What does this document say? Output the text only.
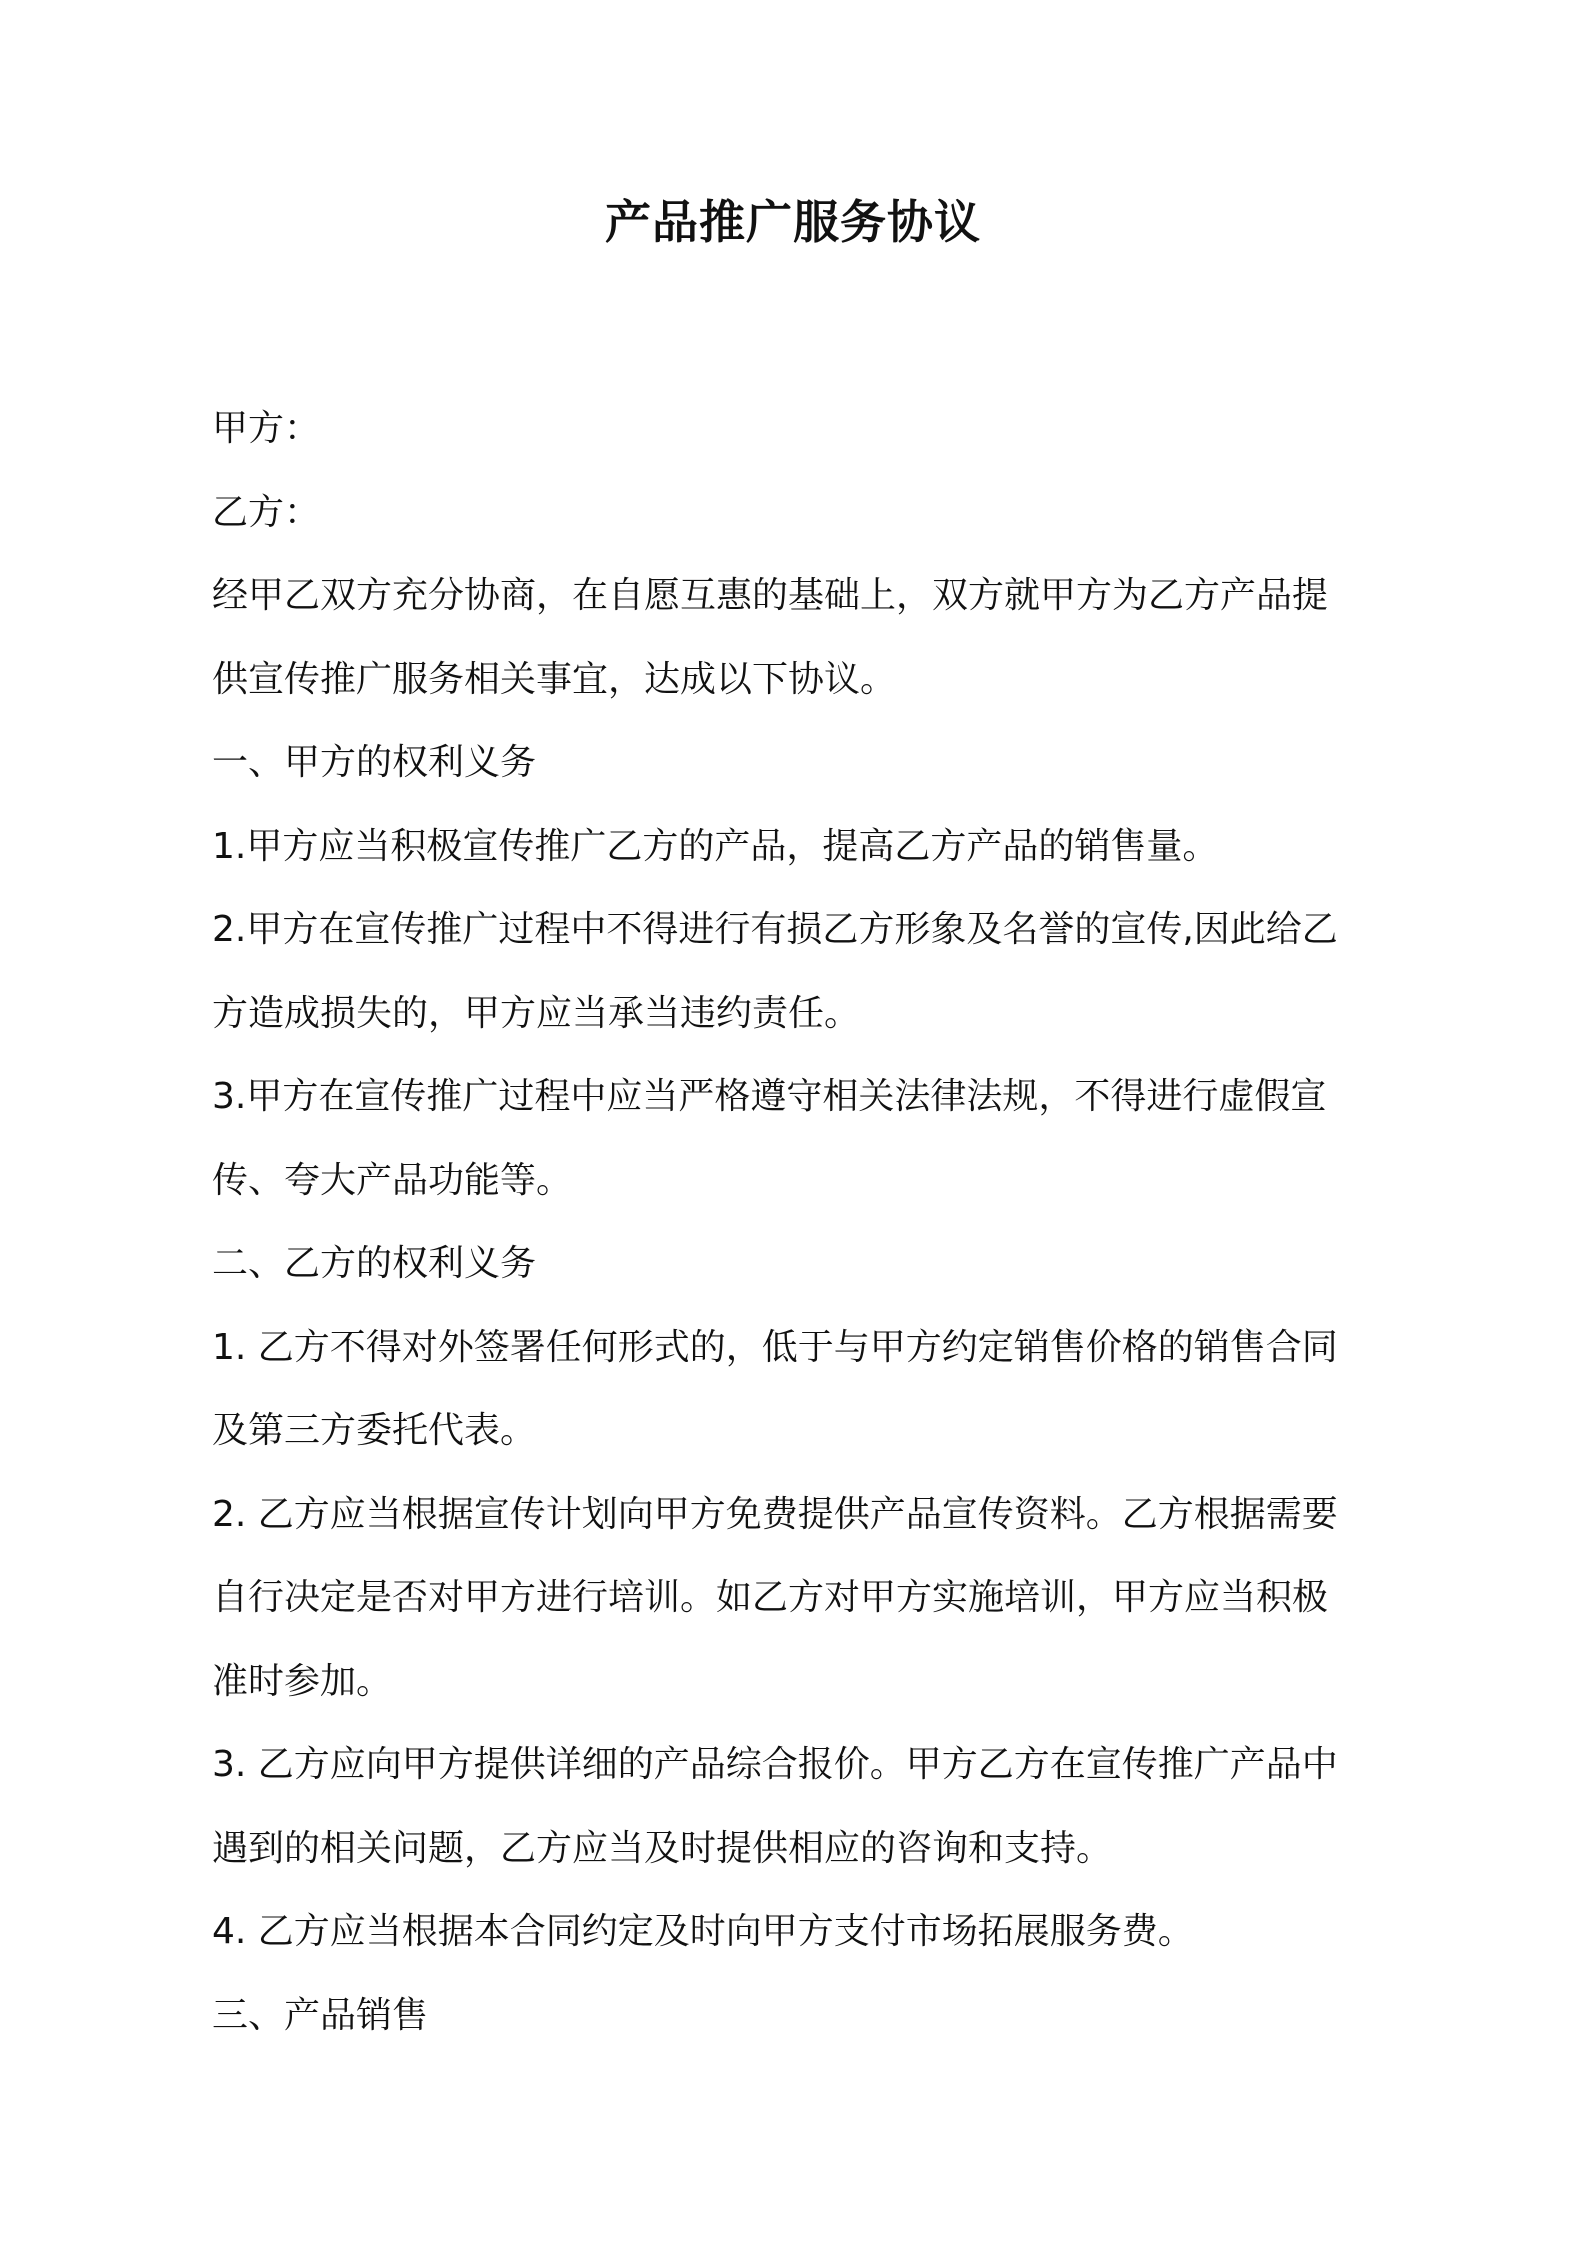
产品推广服务协议

甲方：

乙方：

经甲乙双方充分协商，在自愿互惠的基础上，双方就甲方为乙方产品提

供宣传推广服务相关事宜，达成以下协议。

一、甲方的权利义务

1.甲方应当积极宣传推广乙方的产品，提高乙方产品的销售量。

2.甲方在宣传推广过程中不得进行有损乙方形象及名誉的宣传,因此给乙

方造成损失的，甲方应当承当违约责任。

3.甲方在宣传推广过程中应当严格遵守相关法律法规，不得进行虚假宣

传、夸大产品功能等。

二、乙方的权利义务

1. 乙方不得对外签署任何形式的，低于与甲方约定销售价格的销售合同

及第三方委托代表。

2. 乙方应当根据宣传计划向甲方免费提供产品宣传资料。乙方根据需要

自行决定是否对甲方进行培训。如乙方对甲方实施培训，甲方应当积极

准时参加。

3. 乙方应向甲方提供详细的产品综合报价。甲方乙方在宣传推广产品中

遇到的相关问题，乙方应当及时提供相应的咨询和支持。

4. 乙方应当根据本合同约定及时向甲方支付市场拓展服务费。

三、产品销售
